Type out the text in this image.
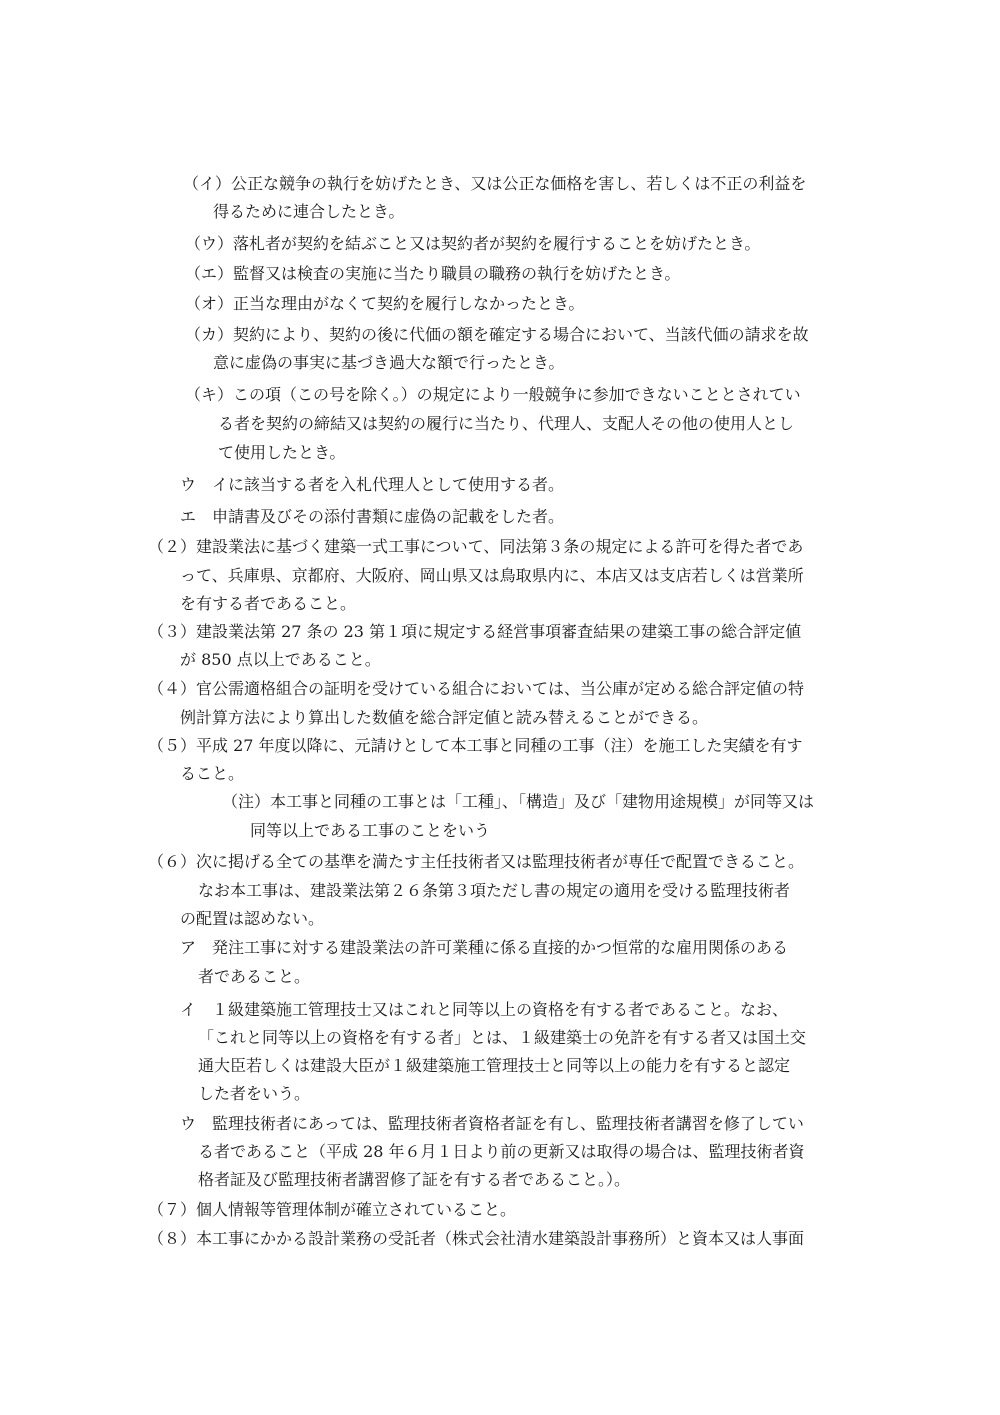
（イ）公正な競争の執行を妨げたとき、又は公正な価格を害し、若しくは不正の利益を
得るために連合したとき。
（ウ）落札者が契約を結ぶこと又は契約者が契約を履行することを妨げたとき。
（エ）監督又は検査の実施に当たり職員の職務の執行を妨げたとき。
（オ）正当な理由がなくて契約を履行しなかったとき。
（カ）契約により、契約の後に代価の額を確定する場合において、当該代価の請求を故
意に虚偽の事実に基づき過大な額で行ったとき。
（キ）この項（この号を除く。）の規定により一般競争に参加できないこととされてい
る者を契約の締結又は契約の履行に当たり、代理人、支配人その他の使用人とし
て使用したとき。
ウ　イに該当する者を入札代理人として使用する者。
エ　申請書及びその添付書類に虚偽の記載をした者。
（２）建設業法に基づく建築一式工事について、同法第３条の規定による許可を得た者であ
って、兵庫県、京都府、大阪府、岡山県又は鳥取県内に、本店又は支店若しくは営業所
を有する者であること。
（３）建設業法第 27 条の 23 第１項に規定する経営事項審査結果の建築工事の総合評定値
が 850 点以上であること。
（４）官公需適格組合の証明を受けている組合においては、当公庫が定める総合評定値の特
例計算方法により算出した数値を総合評定値と読み替えることができる。
（５）平成 27 年度以降に、元請けとして本工事と同種の工事（注）を施工した実績を有す
ること。
（注）本工事と同種の工事とは「工種」、「構造」及び「建物用途規模」が同等又は
同等以上である工事のことをいう
（６）次に掲げる全ての基準を満たす主任技術者又は監理技術者が専任で配置できること。
なお本工事は、建設業法第２６条第３項ただし書の規定の適用を受ける監理技術者
の配置は認めない。
ア　発注工事に対する建設業法の許可業種に係る直接的かつ恒常的な雇用関係のある
者であること。
イ　１級建築施工管理技士又はこれと同等以上の資格を有する者であること。なお、
「これと同等以上の資格を有する者」とは、１級建築士の免許を有する者又は国土交
通大臣若しくは建設大臣が１級建築施工管理技士と同等以上の能力を有すると認定
した者をいう。
ウ　監理技術者にあっては、監理技術者資格者証を有し、監理技術者講習を修了してい
る者であること（平成 28 年６月１日より前の更新又は取得の場合は、監理技術者資
格者証及び監理技術者講習修了証を有する者であること。）。
（７）個人情報等管理体制が確立されていること。
（８）本工事にかかる設計業務の受託者（株式会社清水建築設計事務所）と資本又は人事面
